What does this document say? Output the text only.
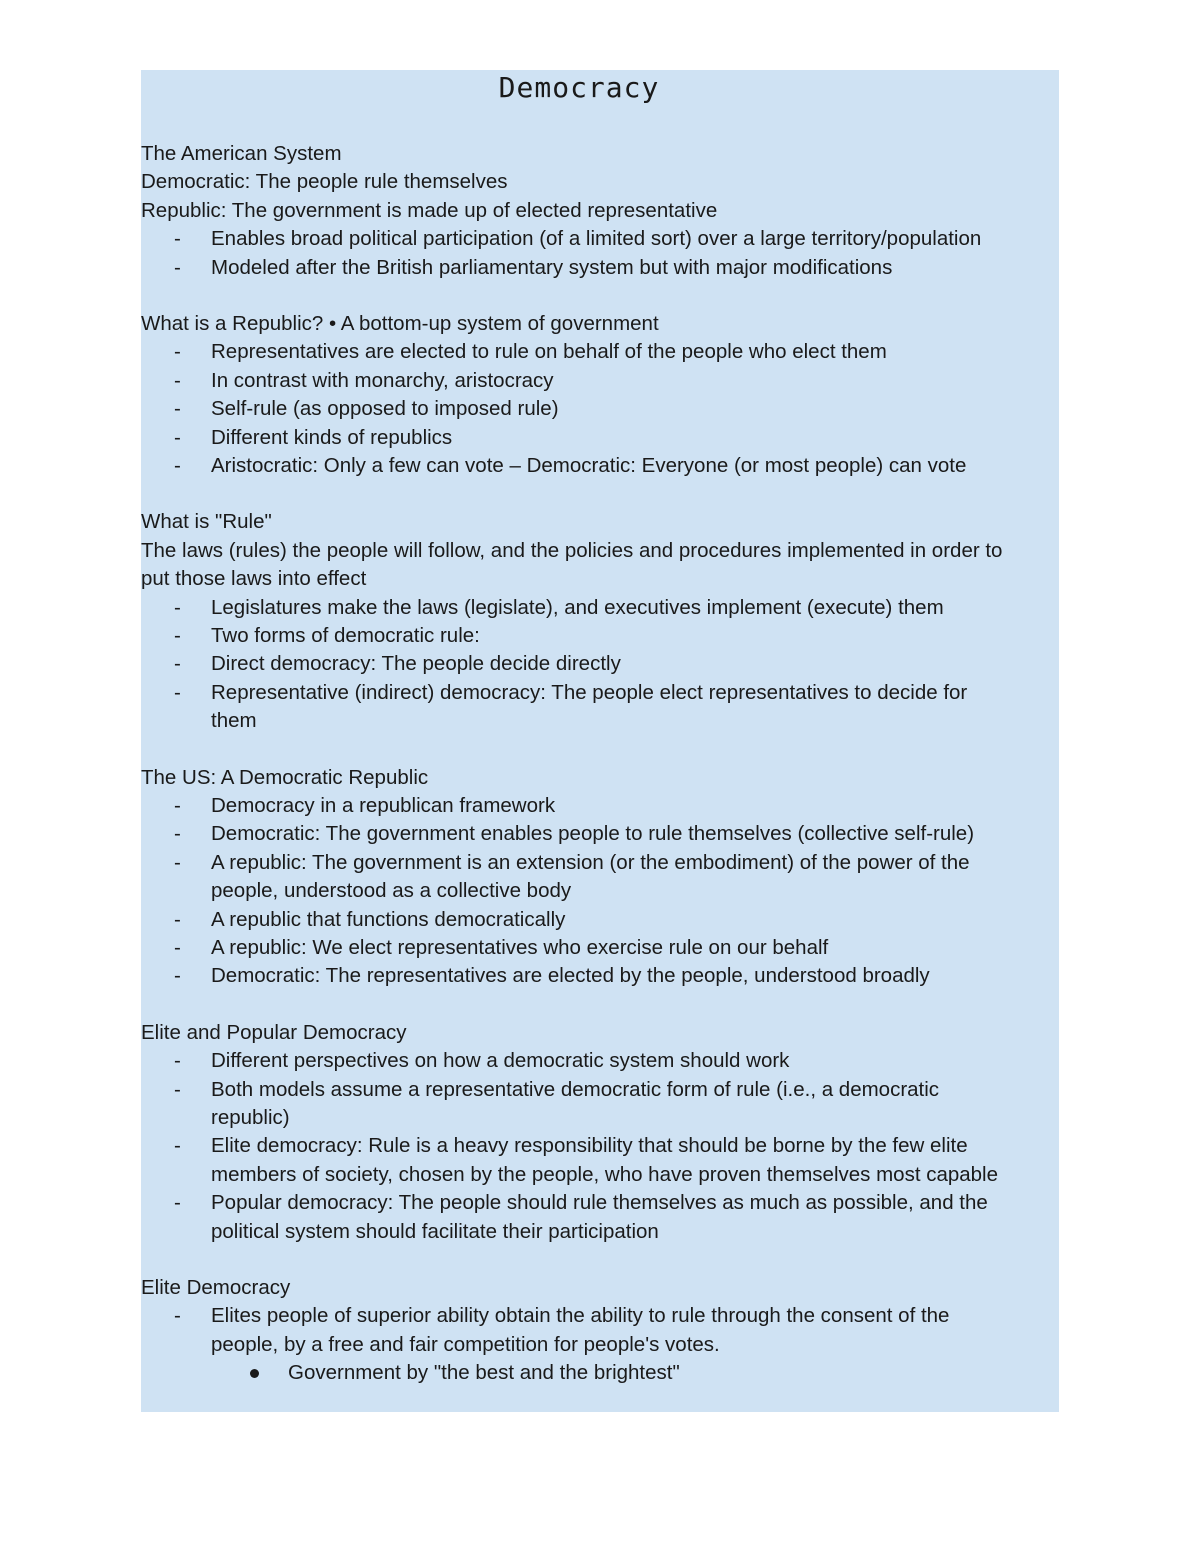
Democracy
The American System
Democratic: The people rule themselves
Republic: The government is made up of elected representative
- Enables broad political participation (of a limited sort) over a large territory/population
- Modeled after the British parliamentary system but with major modifications
What is a Republic? • A bottom-up system of government
- Representatives are elected to rule on behalf of the people who elect them
- In contrast with monarchy, aristocracy
- Self-rule (as opposed to imposed rule)
- Different kinds of republics
- Aristocratic: Only a few can vote – Democratic: Everyone (or most people) can vote
What is "Rule"
The laws (rules) the people will follow, and the policies and procedures implemented in order to
put those laws into effect
- Legislatures make the laws (legislate), and executives implement (execute) them
- Two forms of democratic rule:
- Direct democracy: The people decide directly
- Representative (indirect) democracy: The people elect representatives to decide for
them
The US: A Democratic Republic
- Democracy in a republican framework
- Democratic: The government enables people to rule themselves (collective self-rule)
- A republic: The government is an extension (or the embodiment) of the power of the
people, understood as a collective body
- A republic that functions democratically
- A republic: We elect representatives who exercise rule on our behalf
- Democratic: The representatives are elected by the people, understood broadly
Elite and Popular Democracy
- Different perspectives on how a democratic system should work
- Both models assume a representative democratic form of rule (i.e., a democratic
republic)
- Elite democracy: Rule is a heavy responsibility that should be borne by the few elite
members of society, chosen by the people, who have proven themselves most capable
- Popular democracy: The people should rule themselves as much as possible, and the
political system should facilitate their participation
Elite Democracy
- Elites people of superior ability obtain the ability to rule through the consent of the
people, by a free and fair competition for people's votes.
Government by "the best and the brightest"
